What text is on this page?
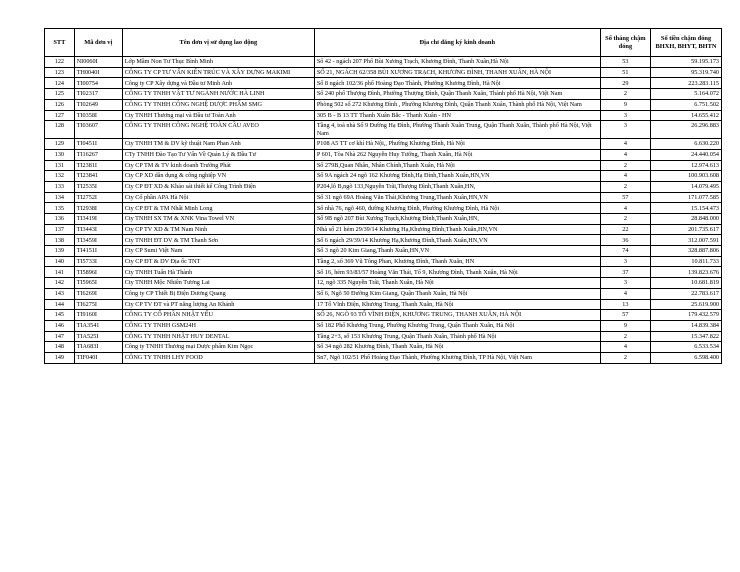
STT	Mã đơn vị	Tên đơn vị sử dụng lao động	Địa chỉ đăng ký kinh doanh	Số tháng chậm đóng	Số tiền chậm đóng BHXH, BHYT, BHTN
122	NI0060I	Lớp Mầm Non Tư Thục Bình Minh	Số 42 - ngách 207 Phố Bùi Xương Trạch, Khương Đình, Thanh Xuân,Hà Nội	53	59.195.173
123	TH0040I	CÔNG TY CP TƯ VẤN KIẾN TRÚC VÀ XÂY DỰNG MAKIMI	SỐ 21, NGÁCH 62/358 BÙI XƯƠNG TRẠCH, KHƯƠNG ĐÌNH, THANH XUÂN, HÀ NỘI	51	95.319.740
124	TI00754	Công ty CP Xây dựng và Đầu tư Minh Anh	Số 8 ngách 102/36 phố Hoàng Đạo Thành, Phường Khương Đình, Hà Nội	29	223.283.115
125	TI02317	CÔNG TY TNHH VẬT TƯ NGÀNH NƯỚC HÀ LINH	Số 240 phố Thượng Đình, Phường Thượng Đình, Quận Thanh Xuân, Thành phố Hà Nội, Việt Nam	2	5.164.072
126	TI02649	CÔNG TY TNHH CÔNG NGHỆ DƯỢC PHẨM SMG	Phòng 502 số 272 Khương Đình , Phường Khương Đình, Quận Thanh Xuân, Thành phố Hà Nội, Việt Nam	9	6.751.502
127	TI0358I	Cty TNHH Thương mại và Đầu tư Toàn Anh	305 B - B 13 TT Thanh Xuân Bắc - Thanh Xuân - HN	3	14.655.412
128	TI03607	CÔNG TY TNHH CÔNG NGHỆ TOÀN CẦU AVEO	Tầng 4, toà nhà Số 9 Đường Hạ Đình, Phường Thanh Xuân Trung, Quận Thanh Xuân, Thành phố Hà Nội, Việt Nam	3	26.296.883
129	TI0451I	Cty TNHH TM & DV kỹ thuật Nam Phan Anh	P108 A5 TT cơ khí Hà Nội,, Phường Khương Đình, Hà Nội	4	6.630.220
130	TI16267	CTy TNHH Đào Tạo Tư Vấn Về Quản Lý & Đầu Tư	P 601, Tòa Nhà 262 Nguyễn Huy Tưởng, Thanh Xuân, Hà Nội	4	24.440.054
131	TI2381I	Cty CP TM & TV kinh doanh Trường Phát	Số 279B,Quan Nhân, Nhân Chính,Thanh Xuân, Hà Nội	2	12.974.613
132	TI23841	Cty CP XD dân dụng & công nghiệp VN	Số 9A ngách 24 ngõ 162 Khương Đình,Hạ Đình,Thanh Xuân,HN,VN	4	100.903.608
133	TI2535I	Cty CP ĐT XD & Khảo sát thiết kế Công Trình Điện	P204,lô B,ngõ 133,Nguyễn Trãi,Thượng Đình,Thanh Xuân,HN,	2	14.079.495
134	TI2752I	Cty Cổ phần APA Hà Nội	Số 31 ngõ 69A Hoàng Văn Thái,Khương Trung,Thanh Xuân,HN,VN	57	171.077.585
135	TI2938I	Cty CP ĐT & TM Nhất Minh Long	Số nhà 76, ngõ 460, đường Khương Đình, Phường Khương Đình, Hà Nội	4	15.154.473
136	TI3419I	Cty TNHH SX TM & XNK Vina Towel VN	Số 9B ngõ 207 Bùi Xương Trạch,Khương Đình,Thanh Xuân,HN,	2	28.848.000
137	TI3443I	Cty CP TV XD & TM Nam Ninh	Nhà số 21 hẻm 29/39/14 Khương Hạ,Khương Đình,Thanh Xuân,HN,VN	22	201.735.617
138	TI3459I	Cty TNHH ĐT DV & TM Thanh Sơn	Số 6 ngách 29/39/14 Khương Hạ,Khương Đình,Thanh Xuân,HN,VN	36	312.007.591
139	TI4151I	Cty CP Sumi Việt Nam	Số 3 ngõ 20 Kim Giang,Thanh Xuân,HN,VN	74	328.887.806
140	TI5733I	Cty CP ĐT & DV Địa ốc TNT	Tầng 2, số 369 Vũ Tông Phan, Khương Đình, Thanh Xuân, HN	3	10.811.733
141	TI5896I	Cty TNHH Tuấn Hà Thành	Số 16, hẻm 93/83/57 Hoàng Văn Thái, Tổ 9, Khương Đình, Thanh Xuân, Hà Nội	37	139.823.676
142	TI5965I	Cty TNHH Mộc Nhiên Tương Lai	12, ngõ 335 Nguyễn Trãi, Thanh Xuân, Hà Nội	3	10.681.819
143	TI6269I	Công ty CP Thiết Bị Điện Dương Quang	Số 6, Ngõ 50 Đường Kim Giang, Quận Thanh Xuân, Hà Nội	4	22.783.617
144	TI6275I	Cty CP TV ĐT và PT năng lượng An Khánh	17 Tổ Vĩnh Điện, Khương Trung, Thanh Xuân, Hà Nội	13	25.619.900
145	TI9160I	CÔNG TY CỔ PHẦN NHẬT YẾU	SỐ 26, NGÕ 93 TỔ VĨNH ĐIỆN, KHƯƠNG TRUNG, THANH XUÂN, HÀ NỘI	57	179.432.579
146	TIA3541	CÔNG TY TNHH GSM24H	Số 182 Phố Khương Trung, Phường Khương Trung, Quận Thanh Xuân, Hà Nội	9	14.839.384
147	TIA525I	CÔNG TY TNHH NHẬT HUY DENTAL	Tầng 2+3, số 153 Khương Trung, Quận Thanh Xuân, Thành phố Hà Nội	2	15.347.822
148	TIA683I	Công ty TNHH Thương mại Dược phẩm Kim Ngọc	Số 34 ngõ 282 Khương Đình, Thanh Xuân, Hà Nội	4	6.533.534
149	TIF040I	CÔNG TY TNHH LHY FOOD	Sn7, Ngõ 102/51 Phố Hoàng Đạo Thành, Phường Khương Đình, TP Hà Nội, Việt Nam	2	6.598.400
